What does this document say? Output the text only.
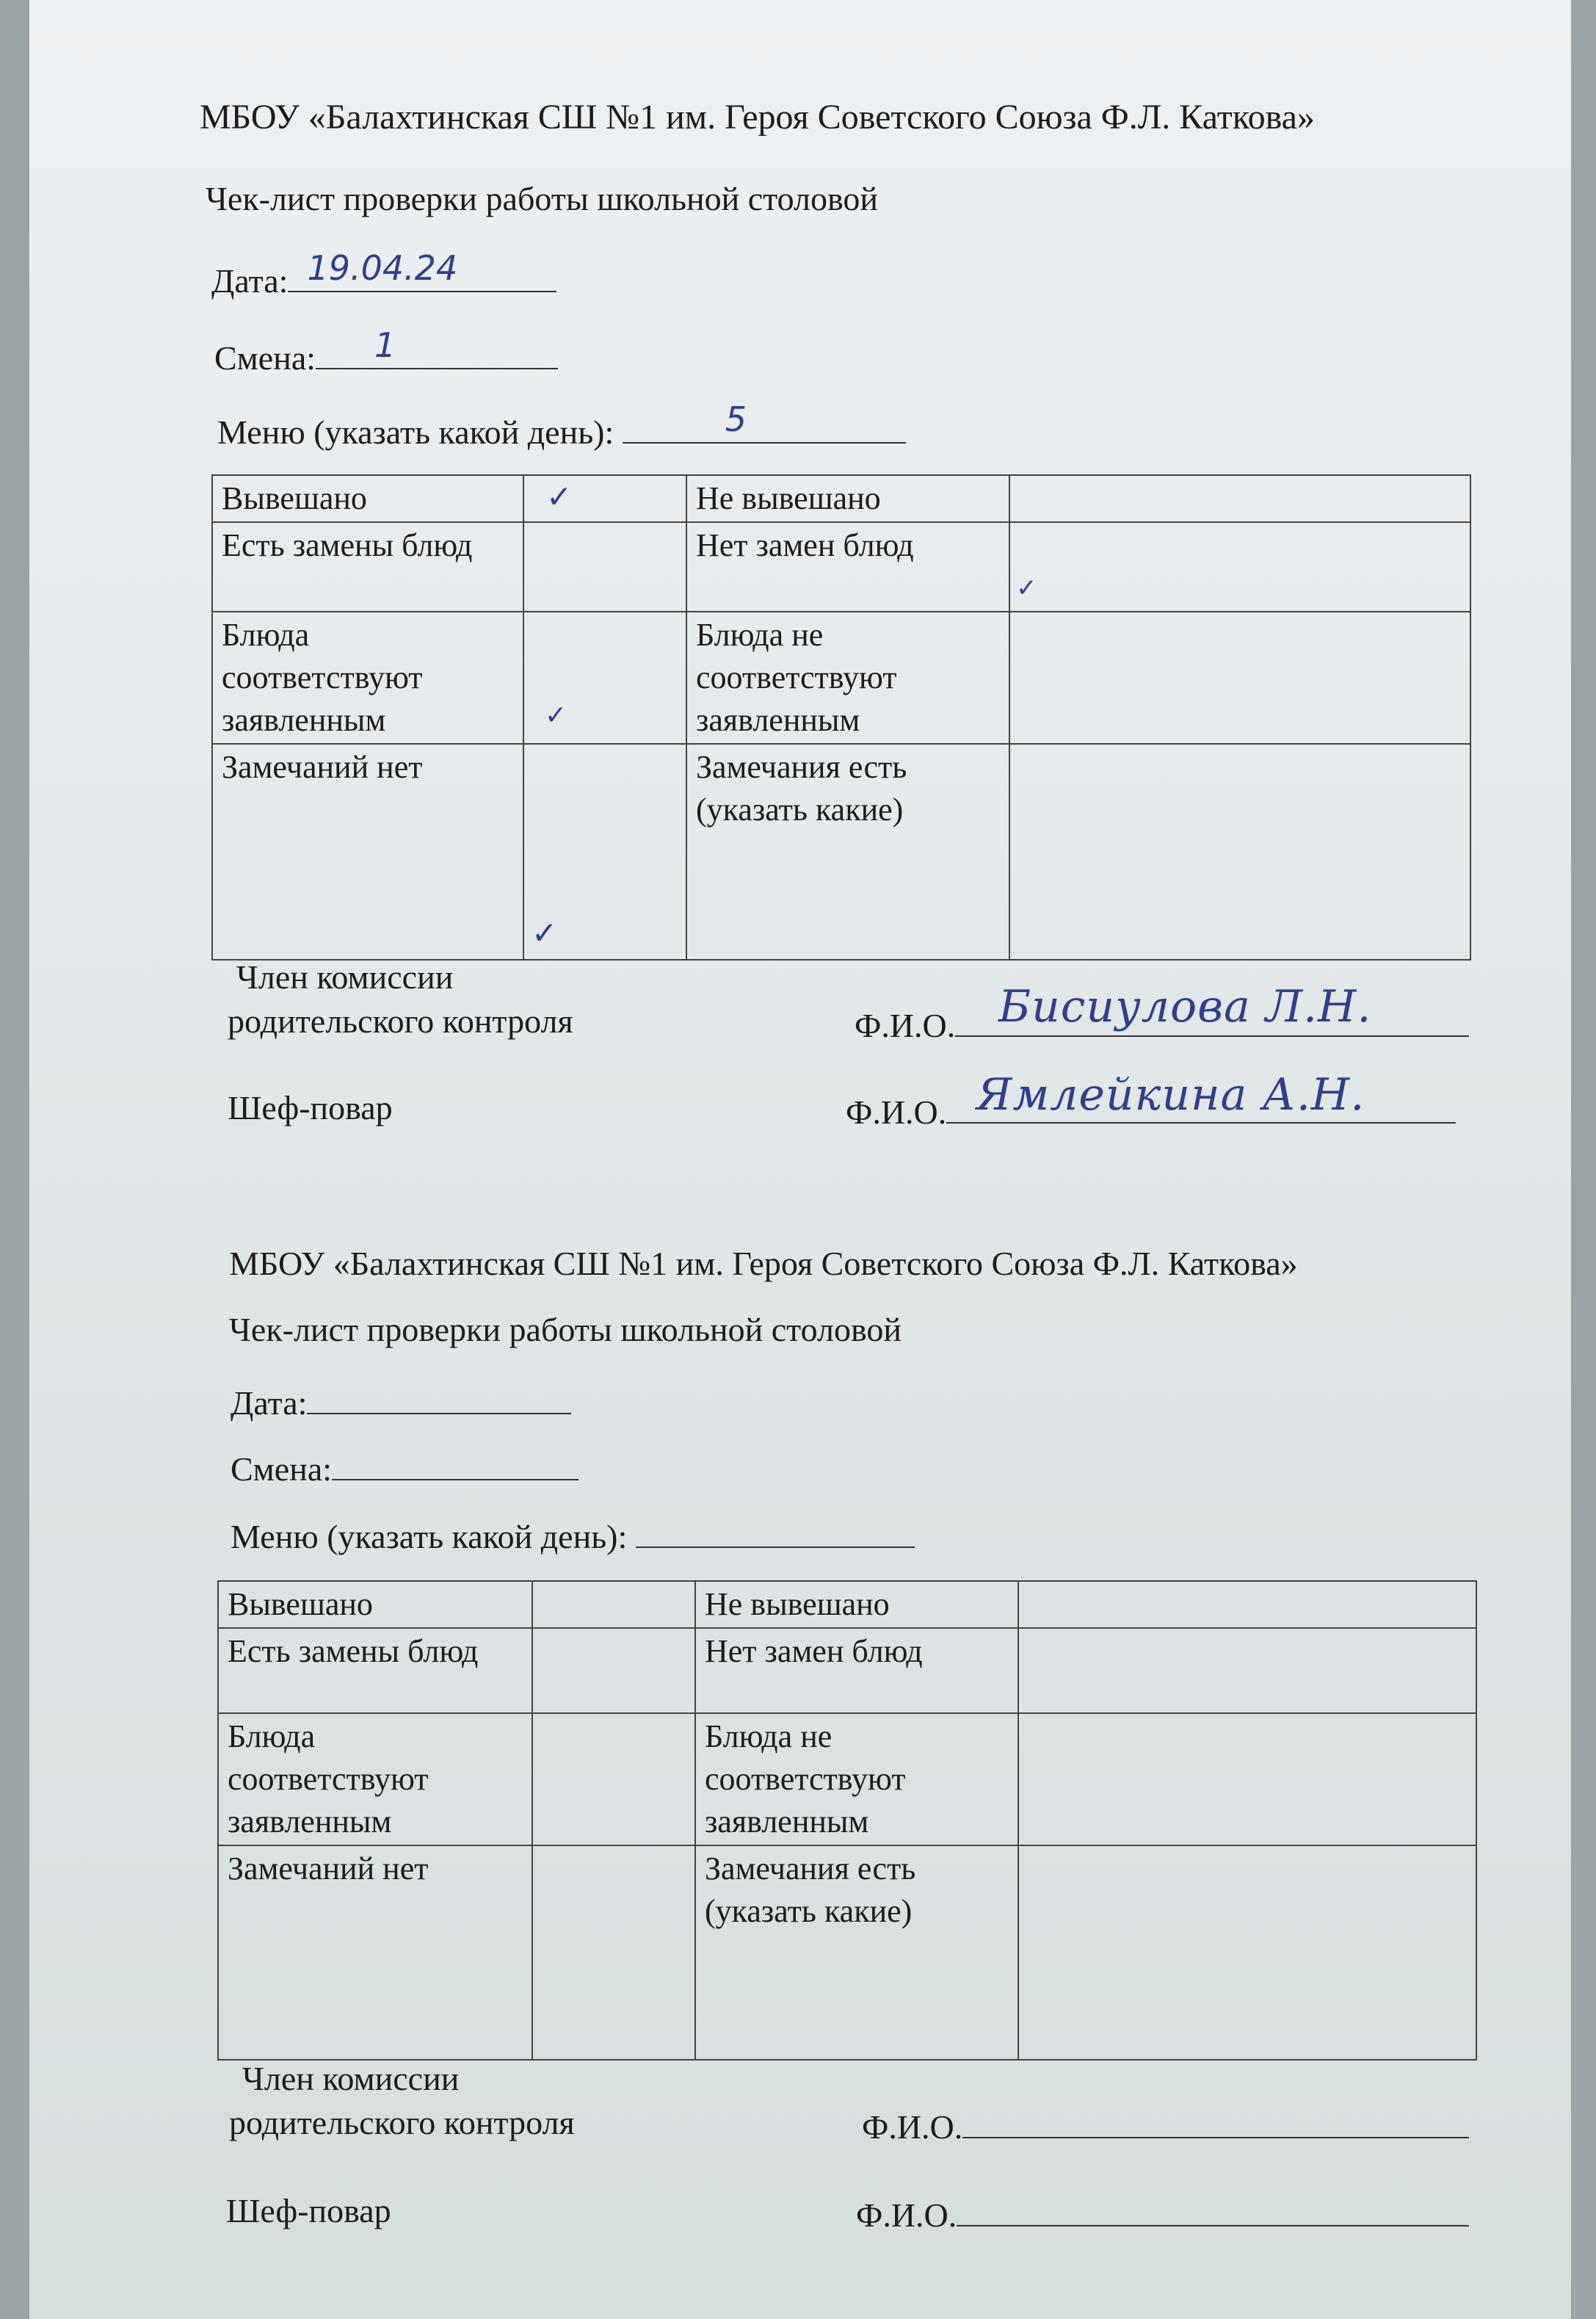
МБОУ «Балахтинская СШ №1 им. Героя Советского Союза Ф.Л. Каткова»
Чек-лист проверки работы школьной столовой
Дата: 19.04.24
Смена: 1
Меню (указать какой день):	5
Вывешано	✓	Не вывешано	

Есть замены блюд		Нет замен блюд	✓

Блюда соответствуют заявленным	✓	Блюда не соответствуют заявленным	

Замечаний нет	✓	Замечания есть (указать какие)	
Член комиссии
родительского контроля	Ф.И.О. Бисиулова Л.Н.
Шеф-повар	Ф.И.О. Ямлейкина А.Н.
МБОУ «Балахтинская СШ №1 им. Героя Советского Союза Ф.Л. Каткова»
Чек-лист проверки работы школьной столовой
Дата:
Смена:
Меню (указать какой день):
Вывешано		Не вывешано	

Есть замены блюд		Нет замен блюд	

Блюда соответствуют заявленным		Блюда не соответствуют заявленным	

Замечаний нет		Замечания есть (указать какие)	
Член комиссии
родительского контроля	Ф.И.О.
Шеф-повар	Ф.И.О.
